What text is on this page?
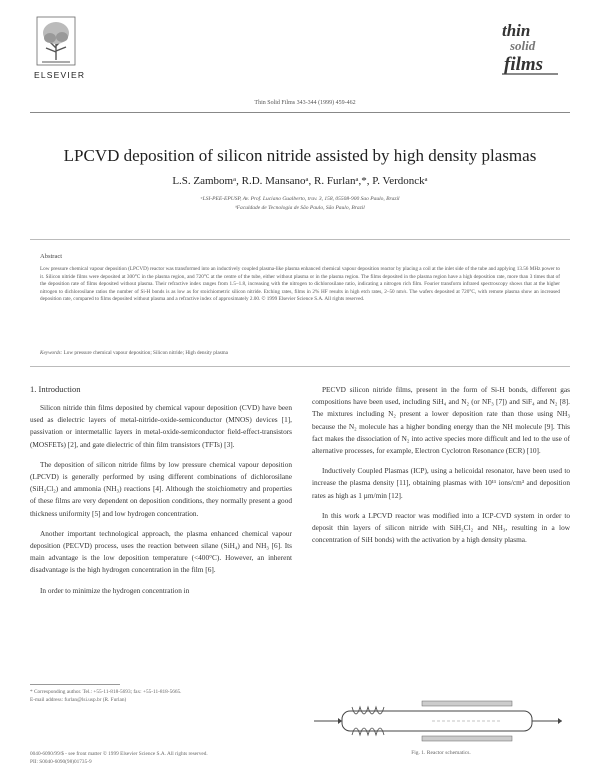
ELSEVIER
Thin Solid Films 343-344 (1999) 459-462
thin
solid
films
LPCVD deposition of silicon nitride assisted by high density plasmas
L.S. Zambomᵃ, R.D. Mansanoᵃ, R. Furlanᵃ,*, P. Verdonckᵃ
ᵃLSI-PEE-EPUSP, Av. Prof. Luciano Gualberto, trav. 3, 158, 05508-900 Sao Paulo, Brazil
ᵇFaculdade de Tecnologia de São Paulo, São Paulo, Brazil
Abstract

Low pressure chemical vapour deposition (LPCVD) reactor was transformed into an inductively coupled plasma-like plasma enhanced chemical vapour deposition reactor by placing a coil at the inlet side of the tube and applying 13.56 MHz power to it. Silicon nitride films were deposited at 300°C in the plasma region, and 720°C at the centre of the tube, either without plasma or in the plasma region. The films deposited in the plasma region have a high deposition rate, more than 3 times that of the deposition rate of films deposited without plasma. Their refractive index ranges from 1.5–1.8, increasing with the nitrogen to dichlorosilane ratio, indicating a nitrogen rich film. Fourier transform infrared spectroscopy shows that at the higher nitrogen to dichlorosilane ratios the number of Si-H bonds is as low as for stoichiometric silicon nitride. Etching rates, films in 2% HF results in high etch rates, 2–50 nm/s. The wafers deposited at 720°C, with remote plasma show an increased deposition rate, compared to films deposited without plasma and a refractive index of approximately 2.00. © 1999 Elsevier Science S.A. All rights reserved.

Keywords: Low pressure chemical vapour deposition; Silicon nitride; High density plasma
1. Introduction

Silicon nitride thin films deposited by chemical vapour deposition (CVD) have been used as dielectric layers of metal-nitride-oxide-semiconductor (MNOS) devices [1], passivation or intermetallic layers in metal-oxide-semiconductor field-effect-transistors (MOSFETs) [2], and gate dielectric of thin film transistors (TFTs) [3].

The deposition of silicon nitride films by low pressure chemical vapour deposition (LPCVD) is generally performed by using different combinations of dichlorosilane (SiH₂Cl₂) and ammonia (NH₃) reactions [4]. Although the stoichiometry and properties of these films are very dependent on deposition conditions, they normally present a good thickness uniformity [5] and low hydrogen concentration.

Another important technological approach, the plasma enhanced chemical vapour deposition (PECVD) process, uses the reaction between silane (SiH₄) and NH₃ [6]. Its main advantage is the low deposition temperature (<400°C). However, an inherent disadvantage is the high hydrogen concentration in the film [6].

In order to minimize the hydrogen concentration in

PECVD silicon nitride films, present in the form of Si-H bonds, different gas compositions have been used, including SiH₄ and N₂ (or NF₃ [7]) and SiF₄ and N₂ [8]. The mixtures including N₂ present a lower deposition rate than those using NH₃ because the N₂ molecule has a higher bonding energy than the NH molecule [9]. This fact makes the dissociation of N₂ into active species more difficult and led to the use of alternative processes, for example, Electron Cyclotron Resonance (ECR) [10].

Inductively Coupled Plasmas (ICP), using a helicoidal resonator, have been used to increase the plasma density [11], obtaining plasmas with 10¹¹ ions/cm³ and deposition rates as high as 1 µm/min [12].

In this work a LPCVD reactor was modified into a ICP-CVD system in order to deposit thin layers of silicon nitride with SiH₂Cl₂ and NH₃, resulting in a low concentration of SiH bonds) with the activation by a high density plasma.

Fig. 1. Reactor schematics.
* Corresponding author. Tel.: +55-11-818-5693; fax: +55-11-818-5665.
E-mail address: furlan@lsi.usp.br (R. Furlan)
0040-6090/99/$ - see front matter © 1999 Elsevier Science S.A. All rights reserved.
PII: S0040-6090(98)01735-9
